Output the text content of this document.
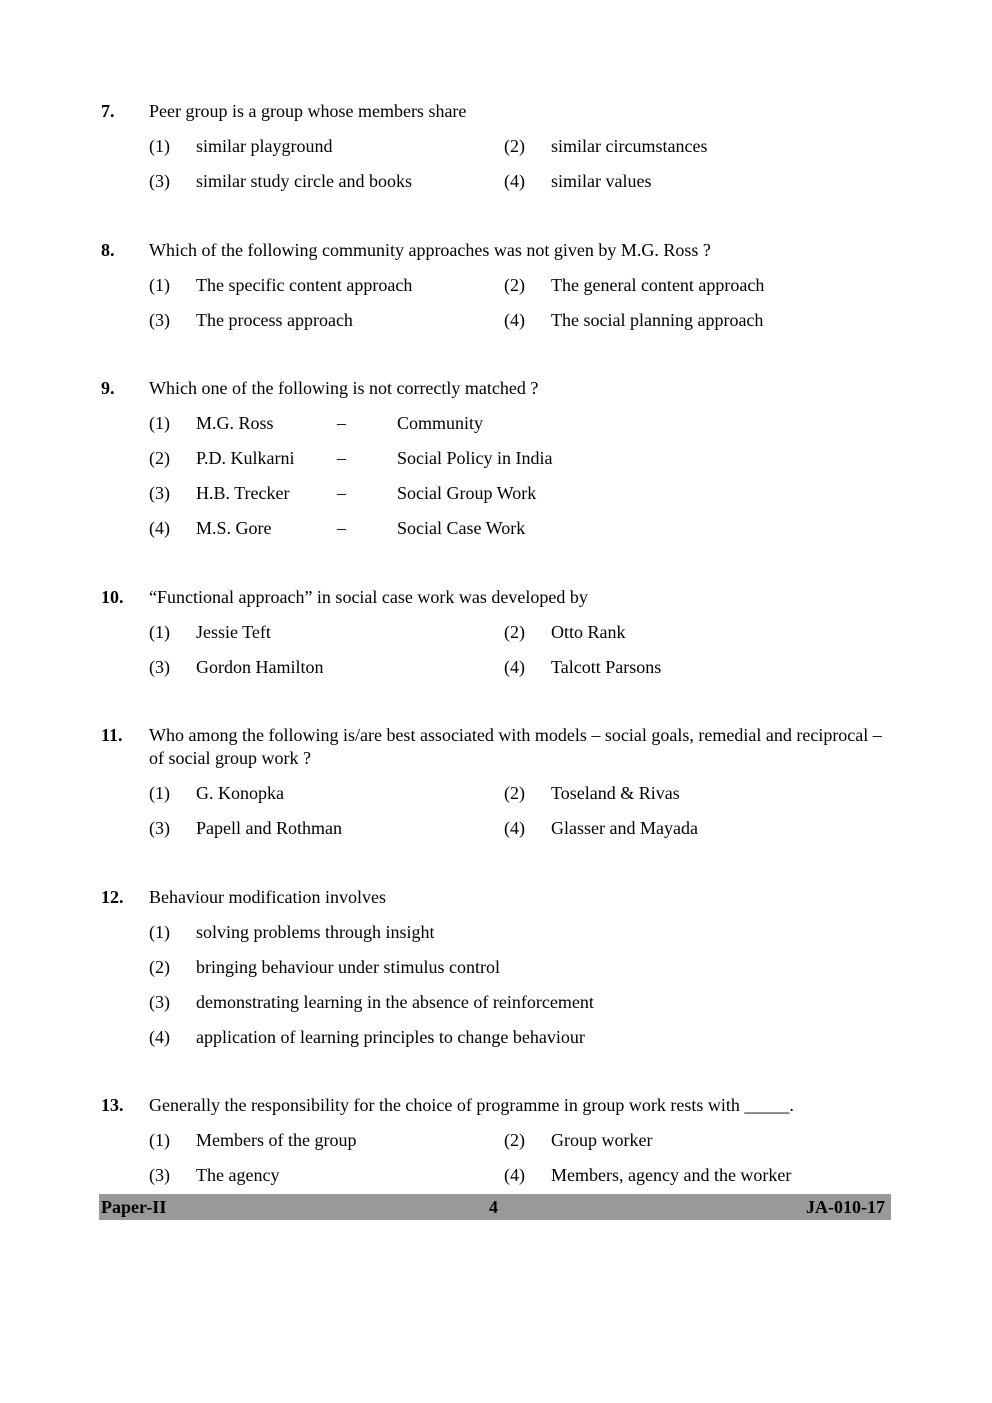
7. Peer group is a group whose members share
(1)	similar playground	(2)	similar circumstances
(3)	similar study circle and books	(4)	similar values
8. Which of the following community approaches was not given by M.G. Ross ?
(1)	The specific content approach	(2)	The general content approach
(3)	The process approach	(4)	The social planning approach
9. Which one of the following is not correctly matched ?
(1)	M.G. Ross	–	Community
(2)	P.D. Kulkarni	–	Social Policy in India
(3)	H.B. Trecker	–	Social Group Work
(4)	M.S. Gore	–	Social Case Work
10. “Functional approach” in social case work was developed by
(1)	Jessie Teft	(2)	Otto Rank
(3)	Gordon Hamilton	(4)	Talcott Parsons
11. Who among the following is/are best associated with models – social goals, remedial and reciprocal – of social group work ?
(1)	G. Konopka	(2)	Toseland & Rivas
(3)	Papell and Rothman	(4)	Glasser and Mayada
12. Behaviour modification involves
(1)	solving problems through insight
(2)	bringing behaviour under stimulus control
(3)	demonstrating learning in the absence of reinforcement
(4)	application of learning principles to change behaviour
13. Generally the responsibility for the choice of programme in group work rests with _____.
(1)	Members of the group	(2)	Group worker
(3)	The agency	(4)	Members, agency and the worker
Paper-II	4	JA-010-17
